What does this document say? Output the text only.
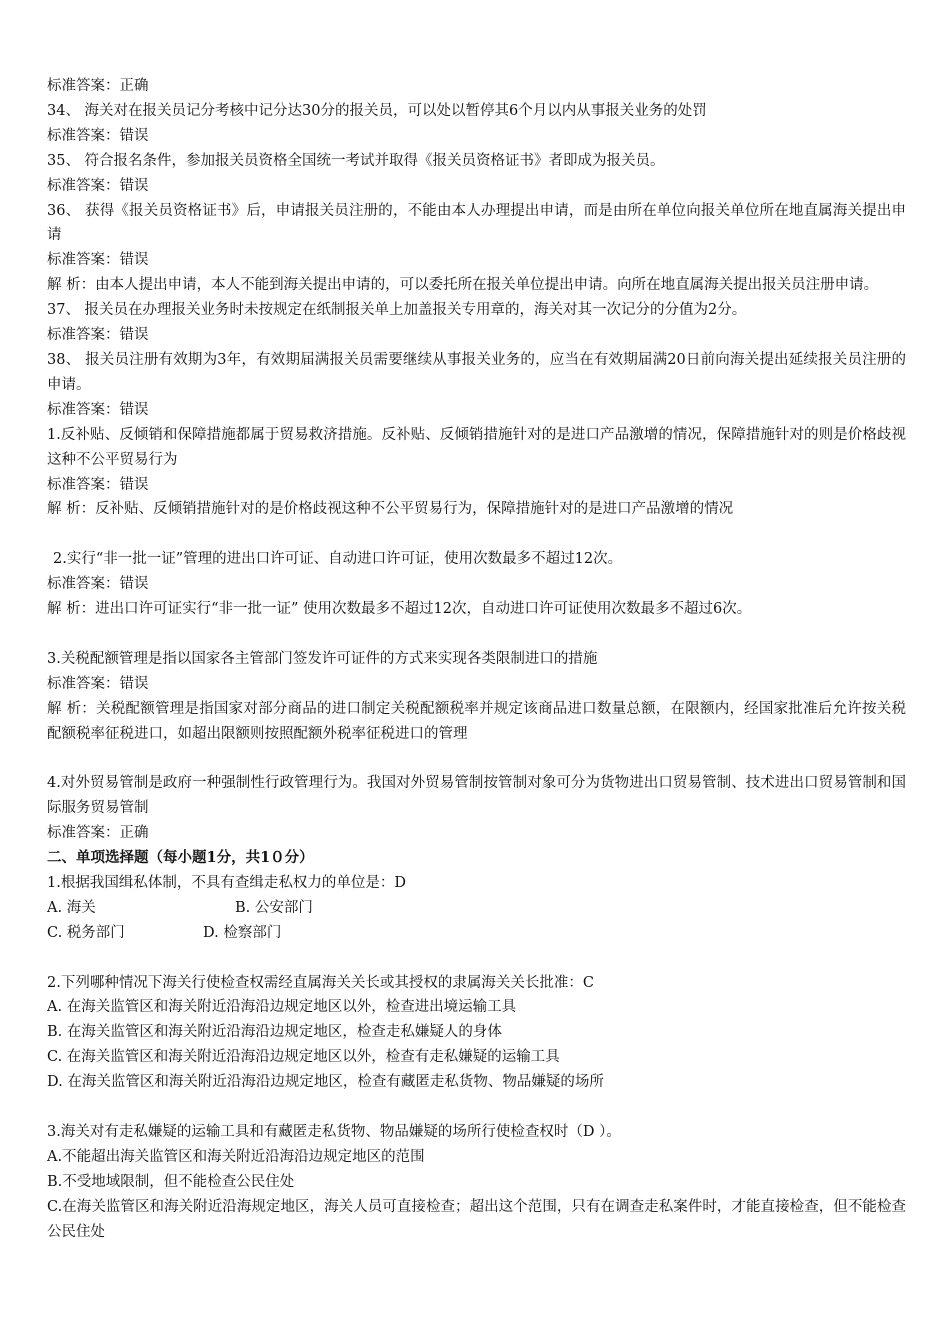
标准答案：正确
34、 海关对在报关员记分考核中记分达30分的报关员，可以处以暂停其6个月以内从事报关业务的处罚
标准答案：错误
35、 符合报名条件，参加报关员资格全国统一考试并取得《报关员资格证书》者即成为报关员。
标准答案：错误
36、 获得《报关员资格证书》后，申请报关员注册的，不能由本人办理提出申请，而是由所在单位向报关单位所在地直属海关提出申请
标准答案：错误
解 析：由本人提出申请，本人不能到海关提出申请的，可以委托所在报关单位提出申请。向所在地直属海关提出报关员注册申请。
37、 报关员在办理报关业务时未按规定在纸制报关单上加盖报关专用章的，海关对其一次记分的分值为2分。
标准答案：错误
38、 报关员注册有效期为3年，有效期届满报关员需要继续从事报关业务的，应当在有效期届满20日前向海关提出延续报关员注册的申请。
标准答案：错误
1.反补贴、反倾销和保障措施都属于贸易救济措施。反补贴、反倾销措施针对的是进口产品激增的情况，保障措施针对的则是价格歧视这种不公平贸易行为
标准答案：错误
解 析：反补贴、反倾销措施针对的是价格歧视这种不公平贸易行为，保障措施针对的是进口产品激增的情况
2.实行“非一批一证”管理的进出口许可证、自动进口许可证，使用次数最多不超过12次。
标准答案：错误
解 析：进出口许可证实行“非一批一证” 使用次数最多不超过12次，自动进口许可证使用次数最多不超过6次。
3.关税配额管理是指以国家各主管部门签发许可证件的方式来实现各类限制进口的措施
标准答案：错误
解 析：关税配额管理是指国家对部分商品的进口制定关税配额税率并规定该商品进口数量总额，在限额内，经国家批准后允许按关税配额税率征税进口，如超出限额则按照配额外税率征税进口的管理
4.对外贸易管制是政府一种强制性行政管理行为。我国对外贸易管制按管制对象可分为货物进出口贸易管制、技术进出口贸易管制和国际服务贸易管制
标准答案：正确
二、单项选择题（每小题1分，共1０分）
1.根据我国缉私体制，不具有查缉走私权力的单位是：D
A. 海关	B. 公安部门
C. 税务部门	D. 检察部门
2.下列哪种情况下海关行使检查权需经直属海关关长或其授权的隶属海关关长批准：C
A. 在海关监管区和海关附近沿海沿边规定地区以外，检查进出境运输工具
B. 在海关监管区和海关附近沿海沿边规定地区，检查走私嫌疑人的身体
C. 在海关监管区和海关附近沿海沿边规定地区以外，检查有走私嫌疑的运输工具
D. 在海关监管区和海关附近沿海沿边规定地区，检查有藏匿走私货物、物品嫌疑的场所
3.海关对有走私嫌疑的运输工具和有藏匿走私货物、物品嫌疑的场所行使检查权时（D ）。
A.不能超出海关监管区和海关附近沿海沿边规定地区的范围
B.不受地域限制，但不能检查公民住处
C.在海关监管区和海关附近沿海规定地区，海关人员可直接检查；超出这个范围，只有在调查走私案件时，才能直接检查，但不能检查公民住处
